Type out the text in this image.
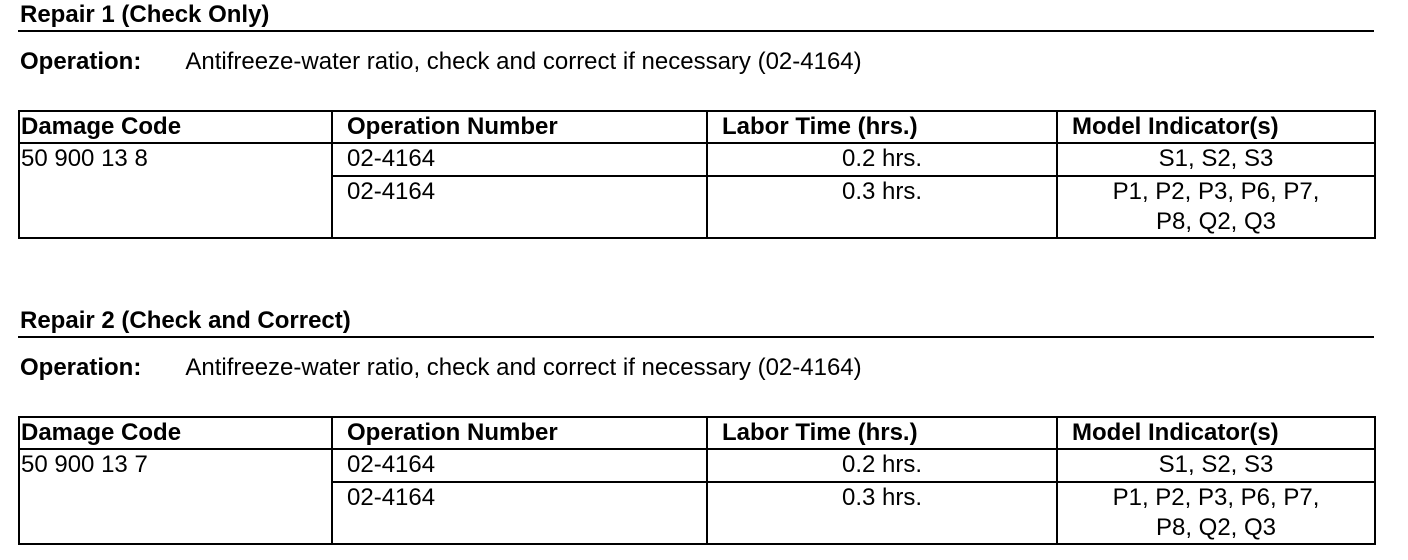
Repair 1 (Check Only)
Operation: Antifreeze-water ratio, check and correct if necessary (02-4164)
Damage Code	Operation Number	Labor Time (hrs.)	Model Indicator(s)
50 900 13 8	02-4164	0.2 hrs.	S1, S2, S3
	02-4164	0.3 hrs.	P1, P2, P3, P6, P7,
P8, Q2, Q3
Repair 2 (Check and Correct)
Operation: Antifreeze-water ratio, check and correct if necessary (02-4164)
Damage Code	Operation Number	Labor Time (hrs.)	Model Indicator(s)
50 900 13 7	02-4164	0.2 hrs.	S1, S2, S3
	02-4164	0.3 hrs.	P1, P2, P3, P6, P7,
P8, Q2, Q3
